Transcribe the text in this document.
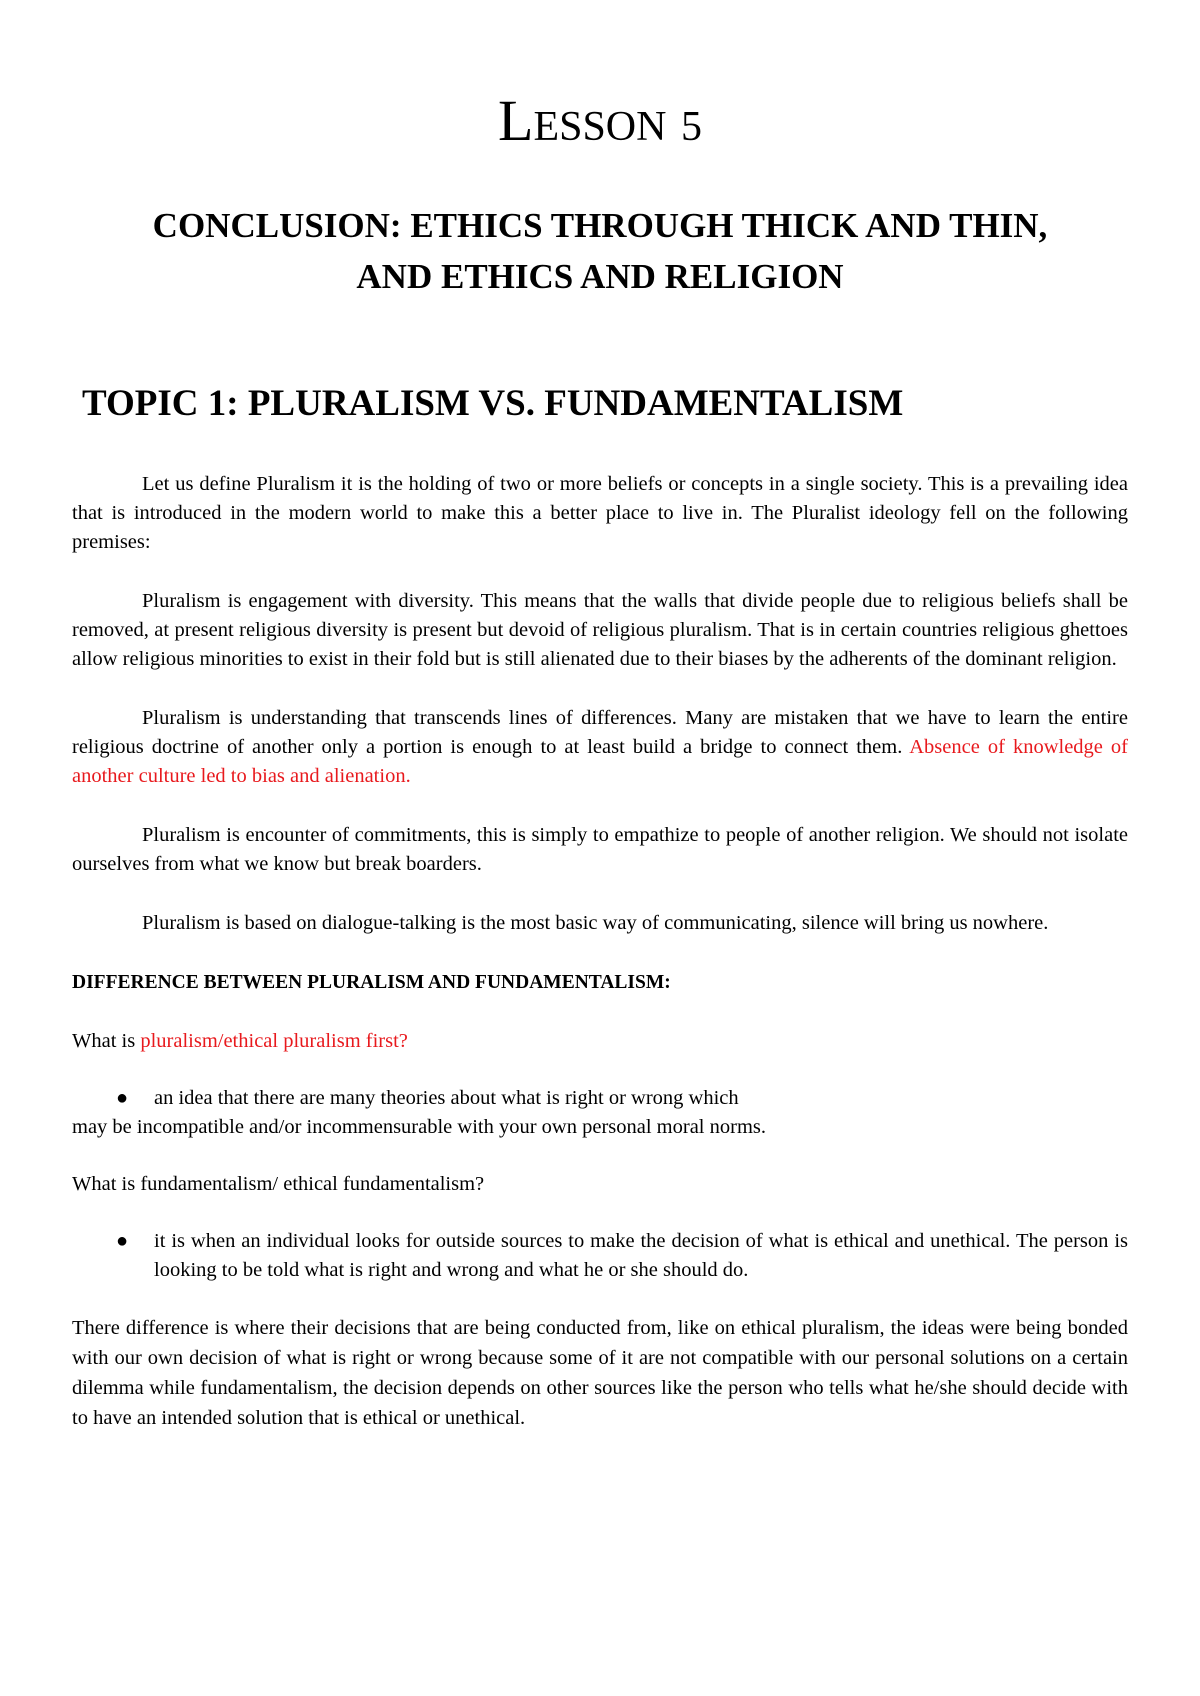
LESSON 5
CONCLUSION: ETHICS THROUGH THICK AND THIN,
AND ETHICS AND RELIGION
TOPIC 1: PLURALISM VS. FUNDAMENTALISM

Let us define Pluralism it is the holding of two or more beliefs or concepts in a single society. This is a prevailing idea that is introduced in the modern world to make this a better place to live in. The Pluralist ideology fell on the following premises:

Pluralism is engagement with diversity. This means that the walls that divide people due to religious beliefs shall be removed, at present religious diversity is present but devoid of religious pluralism. That is in certain countries religious ghettoes allow religious minorities to exist in their fold but is still alienated due to their biases by the adherents of the dominant religion.

Pluralism is understanding that transcends lines of differences. Many are mistaken that we have to learn the entire religious doctrine of another only a portion is enough to at least build a bridge to connect them. Absence of knowledge of another culture led to bias and alienation.

Pluralism is encounter of commitments, this is simply to empathize to people of another religion. We should not isolate ourselves from what we know but break boarders.

Pluralism is based on dialogue-talking is the most basic way of communicating, silence will bring us nowhere.

DIFFERENCE BETWEEN PLURALISM AND FUNDAMENTALISM:

What is pluralism/ethical pluralism first?

● an idea that there are many theories about what is right or wrong which

may be incompatible and/or incommensurable with your own personal moral norms.

What is fundamentalism/ ethical fundamentalism?

● it is when an individual looks for outside sources to make the decision of what is ethical and unethical. The person is looking to be told what is right and wrong and what he or she should do.

There difference is where their decisions that are being conducted from, like on ethical pluralism, the ideas were being bonded with our own decision of what is right or wrong because some of it are not compatible with our personal solutions on a certain dilemma while fundamentalism, the decision depends on other sources like the person who tells what he/she should decide with to have an intended solution that is ethical or unethical.
